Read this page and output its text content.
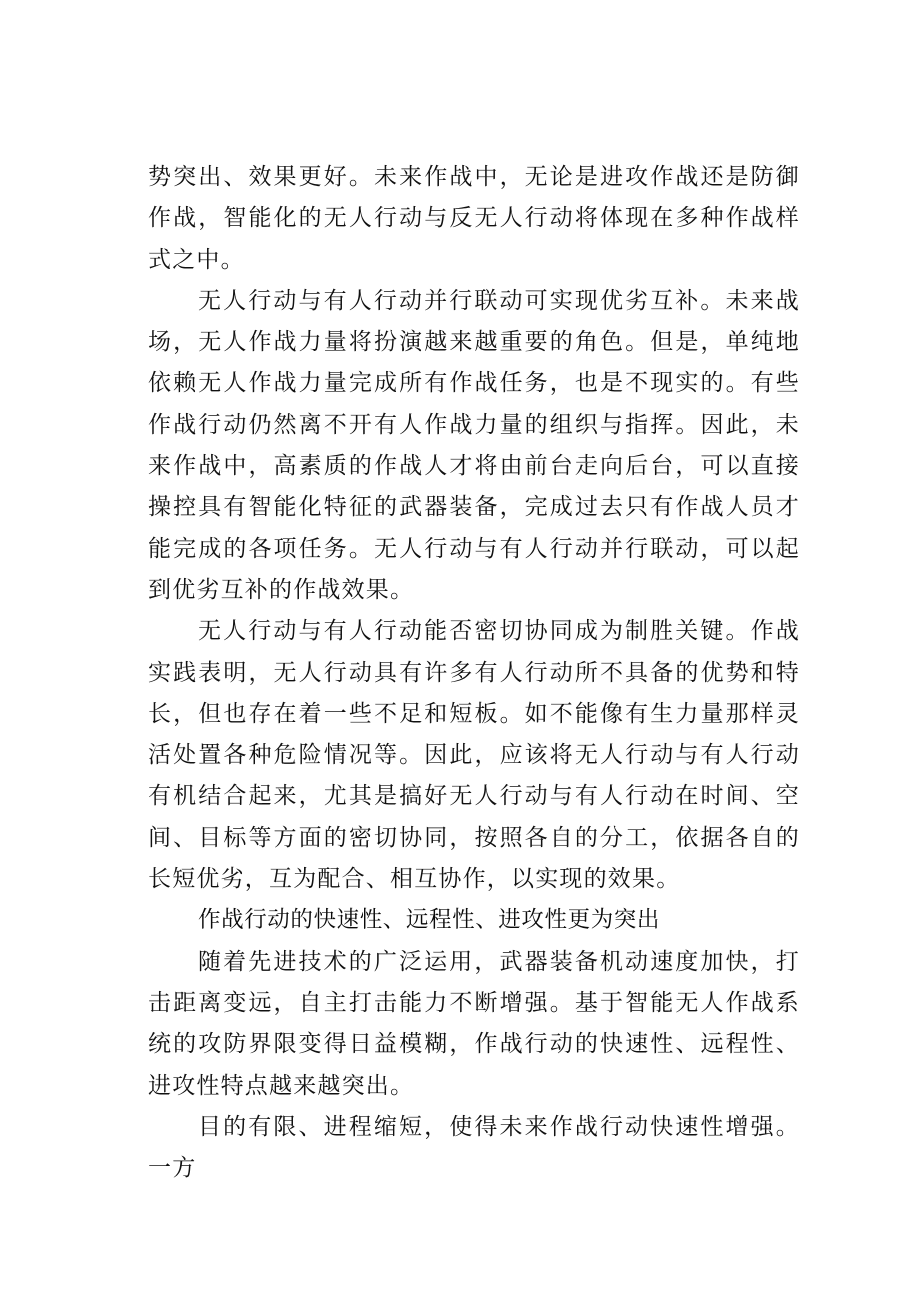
势突出、效果更好。未来作战中，无论是进攻作战还是防御作战，智能化的无人行动与反无人行动将体现在多种作战样式之中。

无人行动与有人行动并行联动可实现优劣互补。未来战场，无人作战力量将扮演越来越重要的角色。但是，单纯地依赖无人作战力量完成所有作战任务，也是不现实的。有些作战行动仍然离不开有人作战力量的组织与指挥。因此，未来作战中，高素质的作战人才将由前台走向后台，可以直接操控具有智能化特征的武器装备，完成过去只有作战人员才能完成的各项任务。无人行动与有人行动并行联动，可以起到优劣互补的作战效果。

无人行动与有人行动能否密切协同成为制胜关键。作战实践表明，无人行动具有许多有人行动所不具备的优势和特长，但也存在着一些不足和短板。如不能像有生力量那样灵活处置各种危险情况等。因此，应该将无人行动与有人行动有机结合起来，尤其是搞好无人行动与有人行动在时间、空间、目标等方面的密切协同，按照各自的分工，依据各自的长短优劣，互为配合、相互协作，以实现的效果。

作战行动的快速性、远程性、进攻性更为突出

随着先进技术的广泛运用，武器装备机动速度加快，打击距离变远，自主打击能力不断增强。基于智能无人作战系统的攻防界限变得日益模糊，作战行动的快速性、远程性、进攻性特点越来越突出。

目的有限、进程缩短，使得未来作战行动快速性增强。一方
